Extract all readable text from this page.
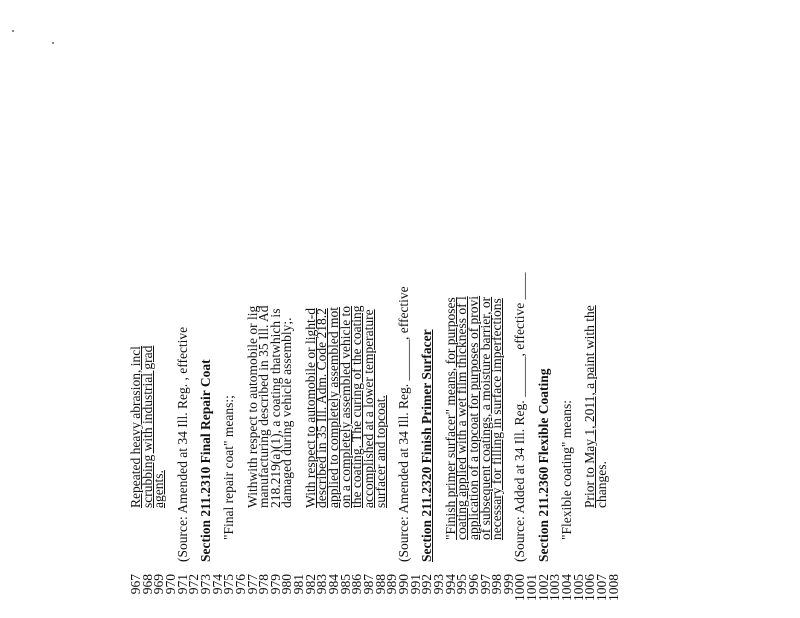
967
Repeated heavy abrasion, incl
968
scrubbing with industrial grad
969
agents.
970
971
(Source: Amended at 34 Ill. Reg. , effective
972
973
Section 211.2310 Final Repair Coat
974
975
"Final repair coat" means:;
976
977
Withwith respect to automobile or lig
978
manufacturing described in 35 Ill. Ad
979
218.219(a)(1), a coating thatwhich is
980
damaged during vehicle assembly;.
981
982
With respect to automobile or light-d
983
described in 35 Ill. Adm. Code 218.2
984
applied to completely assembled mot
985
on a completely assembled vehicle to
986
the coating. The curing of the coating
987
accomplished at a lower temperature
988
surfacer and topcoat.
989
990
(Source: Amended at 34 Ill. Reg. ______, effective
991
992
Section 211.2320 Finish Primer Surfacer
993
994
"Finish primer surfacer" means, for purposes
995
coating applied with a wet film thickness of l
996
application of a topcoat for purposes of provi
997
of subsequent coatings, a moisture barrier, or
998
necessary for filling in surface imperfections
999
1000
(Source: Added at 34 Ill. Reg. ______, effective ____
1001
1002
Section 211.2360 Flexible Coating
1003
1004
"Flexible coating" means:
1005
1006
Prior to May 1, 2011, a paint with the
1007
changes.
1008
